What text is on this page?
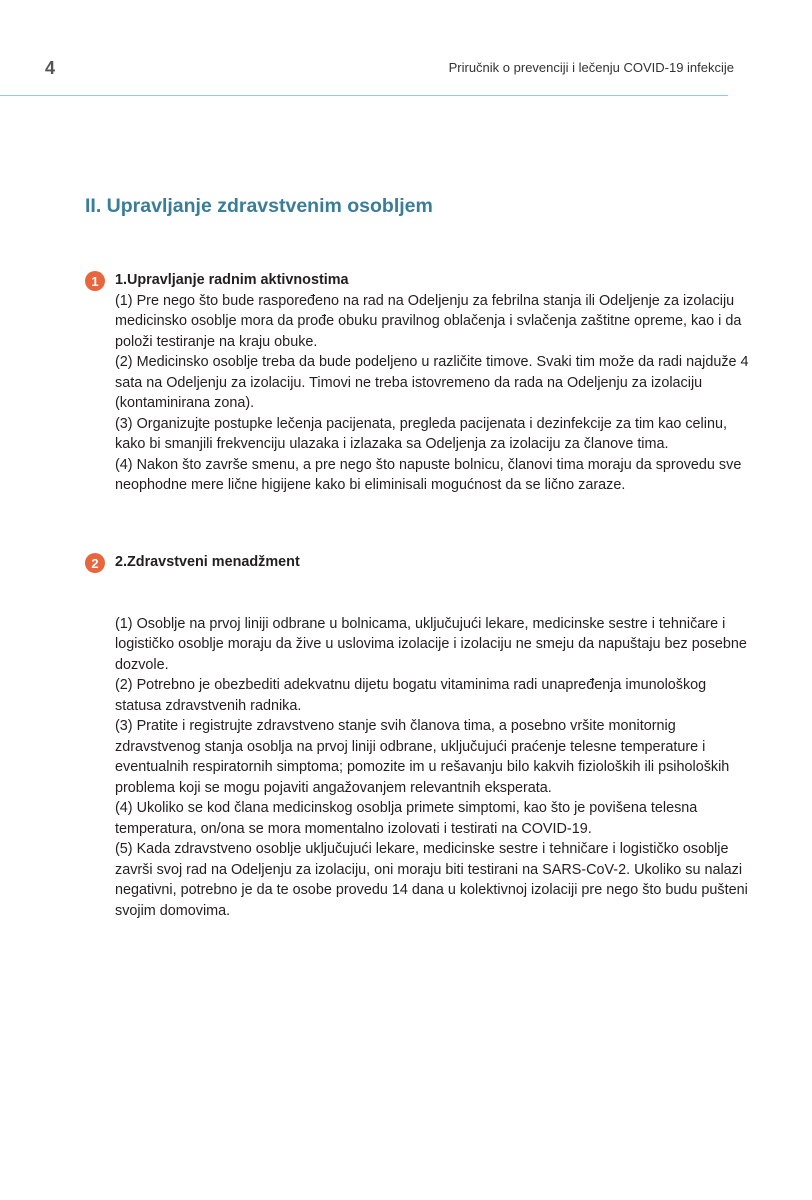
4	Priručnik o prevenciji i lečenju COVID-19 infekcije
II. Upravljanje zdravstvenim osobljem
1	1.Upravljanje radnim aktivnostima

(1) Pre nego što bude raspoređeno na rad na Odeljenju za febrilna stanja ili Odeljenje za izolaciju medicinsko osoblje mora da prođe obuku pravilnog oblačenja i svlačenja zaštitne opreme, kao i da položi testiranje na kraju obuke.

(2) Medicinsko osoblje treba da bude podeljeno u različite timove. Svaki tim može da radi najduže 4 sata na Odeljenju za izolaciju. Timovi ne treba istovremeno da rada na Odeljenju za izolaciju (kontaminirana zona).

(3) Organizujte postupke lečenja pacijenata, pregleda pacijenata i dezinfekcije za tim kao celinu, kako bi smanjili frekvenciju ulazaka i izlazaka sa Odeljenja za izolaciju za članove tima.

(4) Nakon što završe smenu, a pre nego što napuste bolnicu, članovi tima moraju da sprovedu sve neophodne mere lične higijene kako bi eliminisali mogućnost da se lično zaraze.

2	2.Zdravstveni menadžment

(1) Osoblje na prvoj liniji odbrane u bolnicama, uključujući lekare, medicinske sestre i tehničare i logističko osoblje moraju da žive u uslovima izolacije i izolaciju ne smeju da napuštaju bez posebne dozvole.

(2) Potrebno je obezbediti adekvatnu dijetu bogatu vitaminima radi unapređenja imunološkog statusa zdravstvenih radnika.

(3) Pratite i registrujte zdravstveno stanje svih članova tima, a posebno vršite monitornig zdravstvenog stanja osoblja na prvoj liniji odbrane, uključujući praćenje telesne temperature i eventualnih respiratornih simptoma; pomozite im u rešavanju bilo kakvih fizioloških ili psiholoških problema koji se mogu pojaviti angažovanjem relevantnih eksperata.

(4) Ukoliko se kod člana medicinskog osoblja primete simptomi, kao što je povišena telesna temperatura, on/ona se mora momentalno izolovati i testirati na COVID-19.

(5) Kada zdravstveno osoblje uključujući lekare, medicinske sestre i tehničare i logističko osoblje završi svoj rad na Odeljenju za izolaciju, oni moraju biti testirani na SARS-CoV-2. Ukoliko su nalazi negativni, potrebno je da te osobe provedu 14 dana u kolektivnoj izolaciji pre nego što budu pušteni svojim domovima.
